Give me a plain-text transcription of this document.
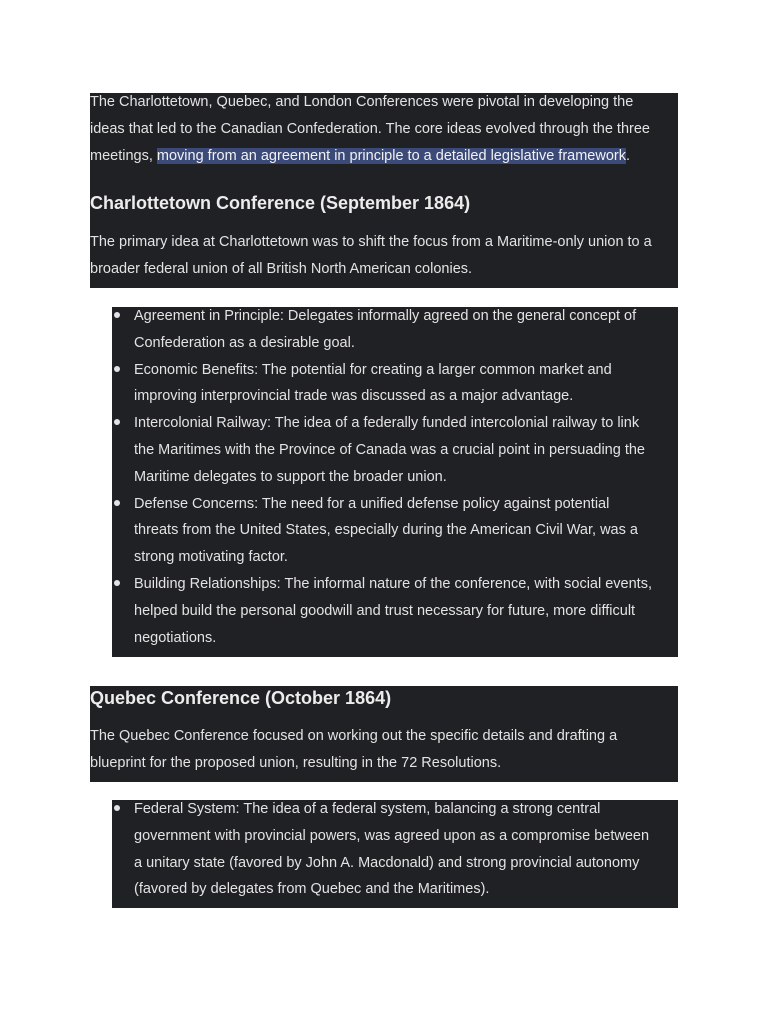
The Charlottetown, Quebec, and London Conferences were pivotal in developing the
ideas that led to the Canadian Confederation. The core ideas evolved through the three
meetings, moving from an agreement in principle to a detailed legislative framework.

Charlottetown Conference (September 1864)

The primary idea at Charlottetown was to shift the focus from a Maritime-only union to a
broader federal union of all British North American colonies.

Agreement in Principle: Delegates informally agreed on the general concept of
Confederation as a desirable goal.
Economic Benefits: The potential for creating a larger common market and
improving interprovincial trade was discussed as a major advantage.
Intercolonial Railway: The idea of a federally funded intercolonial railway to link
the Maritimes with the Province of Canada was a crucial point in persuading the
Maritime delegates to support the broader union.
Defense Concerns: The need for a unified defense policy against potential
threats from the United States, especially during the American Civil War, was a
strong motivating factor.
Building Relationships: The informal nature of the conference, with social events,
helped build the personal goodwill and trust necessary for future, more difficult
negotiations.
Quebec Conference (October 1864)

The Quebec Conference focused on working out the specific details and drafting a
blueprint for the proposed union, resulting in the 72 Resolutions.

Federal System: The idea of a federal system, balancing a strong central
government with provincial powers, was agreed upon as a compromise between
a unitary state (favored by John A. Macdonald) and strong provincial autonomy
(favored by delegates from Quebec and the Maritimes).
